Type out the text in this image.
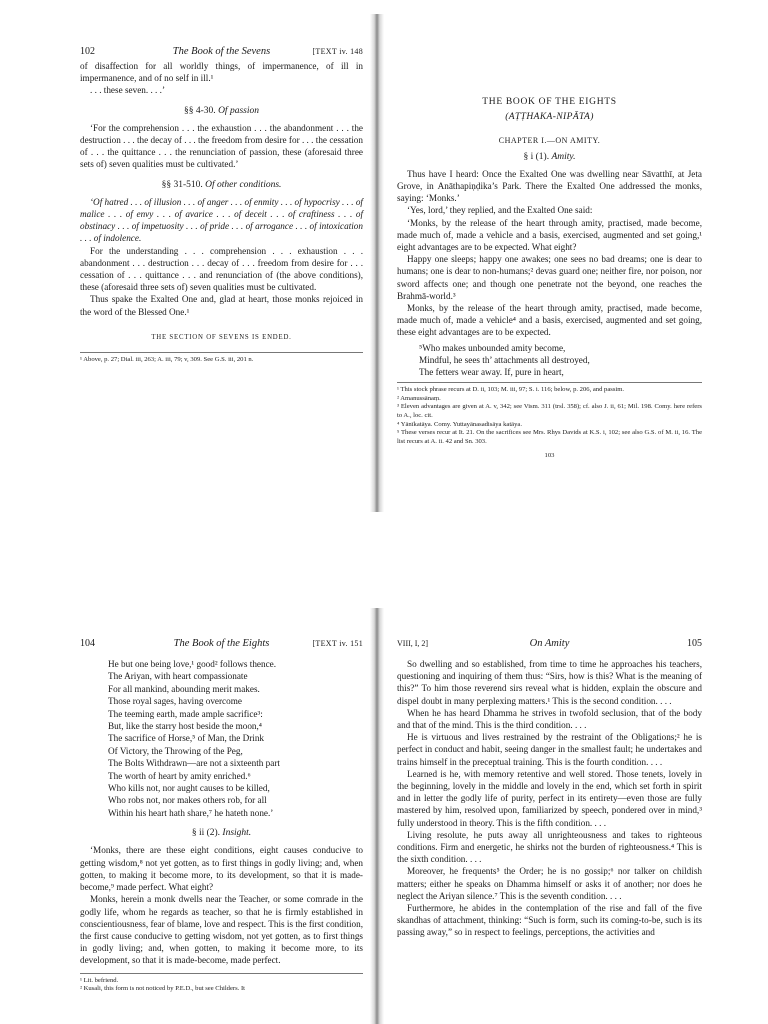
102	The Book of the Sevens	[TEXT iv. 148

of disaffection for all worldly things, of impermanence, of ill in impermanence, and of no self in ill.¹

. . . these seven. . . .’

§§ 4-30. Of passion

‘For the comprehension . . . the exhaustion . . . the abandonment . . . the destruction . . . the decay of . . . the freedom from desire for . . . the cessation of . . . the quittance . . . the renunciation of passion, these (aforesaid three sets of) seven qualities must be cultivated.’

§§ 31-510. Of other conditions.

‘Of hatred . . . of illusion . . . of anger . . . of enmity . . . of hypocrisy . . . of malice . . . of envy . . . of avarice . . . of deceit . . . of craftiness . . . of obstinacy . . . of impetuosity . . . of pride . . . of arrogance . . . of intoxication . . . of indolence.

For the understanding . . . comprehension . . . exhaustion . . . abandonment . . . destruction . . . decay of . . . freedom from desire for . . . cessation of . . . quittance . . . and renunciation of (the above conditions), these (aforesaid three sets of) seven qualities must be cultivated.

Thus spake the Exalted One and, glad at heart, those monks rejoiced in the word of the Blessed One.¹

THE SECTION OF SEVENS IS ENDED.

¹ Above, p. 27; Dial. iii, 263; A. iii, 79; v, 309. See G.S. iii, 201 n.

THE BOOK OF THE EIGHTS
(AṬṬHAKA-NIPĀTA)
CHAPTER I.—ON AMITY.
§ i (1). Amity.

Thus have I heard: Once the Exalted One was dwelling near Sāvatthī, at Jeta Grove, in Anāthapiṇḍika’s Park. There the Exalted One addressed the monks, saying: ‘Monks.’

‘Yes, lord,’ they replied, and the Exalted One said:

‘Monks, by the release of the heart through amity, practised, made become, made much of, made a vehicle and a basis, exercised, augmented and set going,¹ eight advantages are to be expected. What eight?

Happy one sleeps; happy one awakes; one sees no bad dreams; one is dear to humans; one is dear to non-humans;² devas guard one; neither fire, nor poison, nor sword affects one; and though one penetrate not the beyond, one reaches the Brahmā-world.³

Monks, by the release of the heart through amity, practised, made become, made much of, made a vehicle⁴ and a basis, exercised, augmented and set going, these eight advantages are to be expected.

⁵Who makes unbounded amity become,
Mindful, he sees th’ attachments all destroyed,
The fetters wear away. If, pure in heart,

¹ This stock phrase recurs at D. ii, 103; M. iii, 97; S. i. 116; below, p. 206, and passim.

² Amanussānaṃ.

³ Eleven advantages are given at A. v, 342; see Vism. 311 (trsl. 358); cf. also J. ii, 61; Mil. 198. Comy. here refers to A., loc. cit.

⁴ Yānīkatāya. Comy. Yuttayānasadisāya katāya.

⁵ These verses recur at It. 21. On the sacrifices see Mrs. Rhys Davids at K.S. i, 102; see also G.S. of M. ii, 16. The list recurs at A. ii. 42 and Sn. 303.

103
104	The Book of the Eights	[TEXT iv. 151
He but one being love,¹ good² follows thence.
The Ariyan, with heart compassionate
For all mankind, abounding merit makes.
Those royal sages, having overcome
The teeming earth, made ample sacrifice³:
But, like the starry host beside the moon,⁴
The sacrifice of Horse,⁵ of Man, the Drink
Of Victory, the Throwing of the Peg,
The Bolts Withdrawn—are not a sixteenth part
The worth of heart by amity enriched.⁶
Who kills not, nor aught causes to be killed,
Who robs not, nor makes others rob, for all
Within his heart hath share,⁷ he hateth none.’
§ ii (2). Insight.

‘Monks, there are these eight conditions, eight causes conducive to getting wisdom,⁸ not yet gotten, as to first things in godly living; and, when gotten, to making it become more, to its development, so that it is made-become,⁹ made perfect. What eight?

Monks, herein a monk dwells near the Teacher, or some comrade in the godly life, whom he regards as teacher, so that he is firmly established in conscientiousness, fear of blame, love and respect. This is the first condition, the first cause conducive to getting wisdom, not yet gotten, as to first things in godly living; and, when gotten, to making it become more, to its development, so that it is made-become, made perfect.

¹ Lit. befriend.

² Kusali, this form is not noticed by P.E.D., but see Childers. It

VIII, I, 2]	On Amity	105

So dwelling and so established, from time to time he approaches his teachers, questioning and inquiring of them thus: “Sirs, how is this? What is the meaning of this?” To him those reverend sirs reveal what is hidden, explain the obscure and dispel doubt in many perplexing matters.¹ This is the second condition. . . .

When he has heard Dhamma he strives in twofold seclusion, that of the body and that of the mind. This is the third condition. . . .

He is virtuous and lives restrained by the restraint of the Obligations;² he is perfect in conduct and habit, seeing danger in the smallest fault; he undertakes and trains himself in the preceptual training. This is the fourth condition. . . .

Learned is he, with memory retentive and well stored. Those tenets, lovely in the beginning, lovely in the middle and lovely in the end, which set forth in spirit and in letter the godly life of purity, perfect in its entirety—even those are fully mastered by him, resolved upon, familiarized by speech, pondered over in mind,³ fully understood in theory. This is the fifth condition. . . .

Living resolute, he puts away all unrighteousness and takes to righteous conditions. Firm and energetic, he shirks not the burden of righteousness.⁴ This is the sixth condition. . . .

Moreover, he frequents⁵ the Order; he is no gossip;⁶ nor talker on childish matters; either he speaks on Dhamma himself or asks it of another; nor does he neglect the Ariyan silence.⁷ This is the seventh condition. . . .

Furthermore, he abides in the contemplation of the rise and fall of the five skandhas of attachment, thinking: “Such is form, such its coming-to-be, such is its passing away,” so in respect to feelings, perceptions, the activities and
